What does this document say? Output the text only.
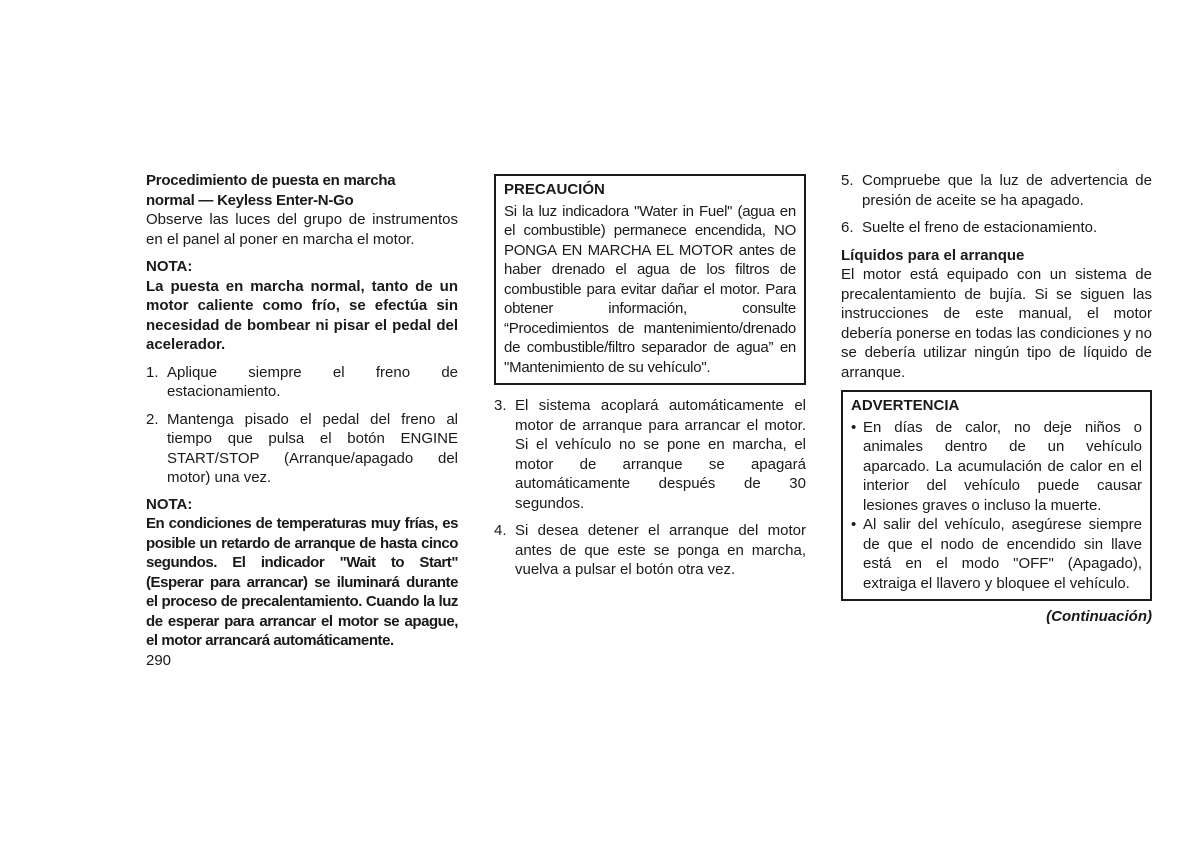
Procedimiento de puesta en marcha normal — Keyless Enter-N-Go

Observe las luces del grupo de instrumentos en el panel al poner en marcha el motor.

NOTA:

La puesta en marcha normal, tanto de un motor caliente como frío, se efectúa sin necesidad de bombear ni pisar el pedal del acelerador.

1. Aplique siempre el freno de estacionamiento.
2. Mantenga pisado el pedal del freno al tiempo que pulsa el botón ENGINE START/STOP (Arranque/apagado del motor) una vez.

NOTA:

En condiciones de temperaturas muy frías, es posible un retardo de arranque de hasta cinco segundos. El indicador "Wait to Start" (Esperar para arrancar) se iluminará durante el proceso de precalentamiento. Cuando la luz de esperar para arrancar el motor se apague, el motor arrancará automáticamente.

PRECAUCIÓN

Si la luz indicadora "Water in Fuel" (agua en el combustible) permanece encendida, NO PONGA EN MARCHA EL MOTOR antes de haber drenado el agua de los filtros de combustible para evitar dañar el motor. Para obtener información, consulte “Procedimientos de mantenimiento/drenado de combustible/filtro separador de agua” en "Mantenimiento de su vehículo".

3. El sistema acoplará automáticamente el motor de arranque para arrancar el motor. Si el vehículo no se pone en marcha, el motor de arranque se apagará automáticamente después de 30 segundos.
4. Si desea detener el arranque del motor antes de que este se ponga en marcha, vuelva a pulsar el botón otra vez.
5. Compruebe que la luz de advertencia de presión de aceite se ha apagado.
6. Suelte el freno de estacionamiento.

Líquidos para el arranque

El motor está equipado con un sistema de precalentamiento de bujía. Si se siguen las instrucciones de este manual, el motor debería ponerse en todas las condiciones y no se debería utilizar ningún tipo de líquido de arranque.

ADVERTENCIA

• En días de calor, no deje niños o animales dentro de un vehículo aparcado. La acumulación de calor en el interior del vehículo puede causar lesiones graves o incluso la muerte.
• Al salir del vehículo, asegúrese siempre de que el nodo de encendido sin llave está en el modo "OFF" (Apagado), extraiga el llavero y bloquee el vehículo.

(Continuación)

290
